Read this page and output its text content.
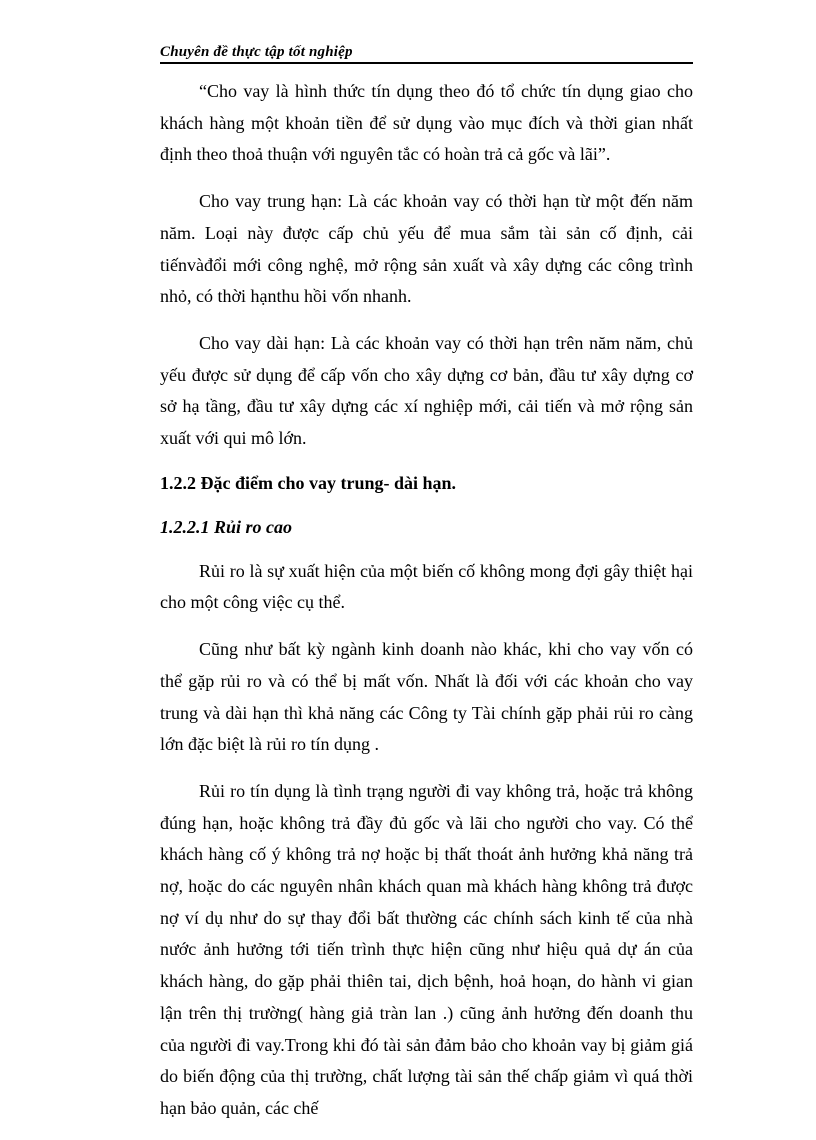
Chuyên đề thực tập tốt nghiệp

“Cho vay là hình thức tín dụng theo đó tổ chức tín dụng giao cho khách hàng một khoản tiền để sử dụng vào mục đích và thời gian nhất định theo thoả thuận với nguyên tắc có hoàn trả cả gốc và lãi”.

Cho vay trung hạn: Là các khoản vay có thời hạn từ một đến năm năm. Loại này được cấp chủ yếu để mua sắm tài sản cố định, cải tiếnvàđổi mới công nghệ, mở rộng sản xuất và xây dựng các công trình nhỏ, có thời hạnthu hồi vốn nhanh.

Cho vay dài hạn: Là các khoản vay có thời hạn trên năm năm, chủ yếu được sử dụng để cấp vốn cho xây dựng cơ bản, đầu tư xây dựng cơ sở hạ tầng, đầu tư xây dựng các xí nghiệp mới, cải tiến và mở rộng sản xuất với qui mô lớn.

1.2.2 Đặc điểm cho vay trung- dài hạn.
1.2.2.1 Rủi ro cao

Rủi ro là sự xuất hiện của một biến cố không mong đợi gây thiệt hại cho một công việc cụ thể.

Cũng như bất kỳ ngành kinh doanh nào khác, khi cho vay vốn có thể gặp rủi ro và có thể bị mất vốn. Nhất là đối với các khoản cho vay trung và dài hạn thì khả năng các Công ty Tài chính gặp phải rủi ro càng lớn đặc biệt là rủi ro tín dụng .

Rủi ro tín dụng là tình trạng người đi vay không trả, hoặc trả không đúng hạn, hoặc không trả đầy đủ gốc và lãi cho người cho vay. Có thể khách hàng cố ý không trả nợ hoặc bị thất thoát ảnh hưởng khả năng trả nợ, hoặc do các nguyên nhân khách quan mà khách hàng không trả được nợ ví dụ như do sự thay đổi bất thường các chính sách kinh tế của nhà nước ảnh hưởng tới tiến trình thực hiện cũng như hiệu quả dự án của khách hàng, do gặp phải thiên tai, dịch bệnh, hoả hoạn, do hành vi gian lận trên thị trường( hàng giả tràn lan .) cũng ảnh hưởng đến doanh thu của người đi vay.Trong khi đó tài sản đảm bảo cho khoản vay bị giảm giá do biến động của thị trường, chất lượng tài sản thế chấp giảm vì quá thời hạn bảo quản, các chế
